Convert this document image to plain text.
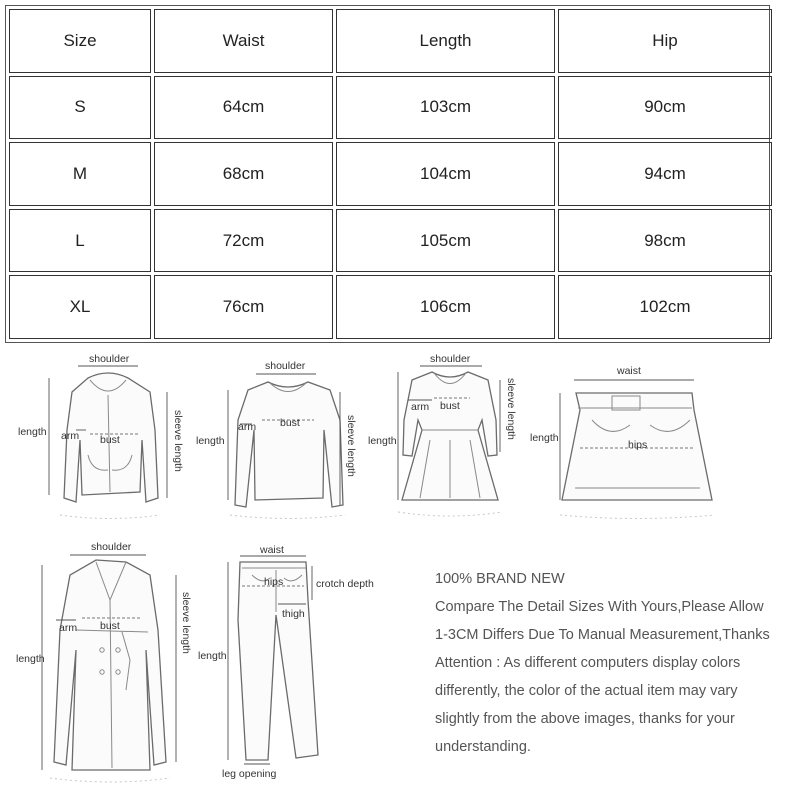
Size	Waist	Length	Hip
S	64cm	103cm	90cm
M	68cm	104cm	94cm
L	72cm	105cm	98cm
XL	76cm	106cm	102cm
shoulder
length arm bust	sleeve length
shoulder
length
arm bust	sleeve length
shoulder
length
arm bust	sleeve length
waist
length
hips
shoulder
length
arm bust	sleeve length
waist
length
hips	crotch depth
thigh
leg opening
100% BRAND NEW
Compare The Detail Sizes With Yours,Please Allow
1-3CM Differs Due To Manual Measurement,Thanks
Attention : As different computers display colors
differently, the color of the actual item may vary
slightly from the above images, thanks for your
understanding.
